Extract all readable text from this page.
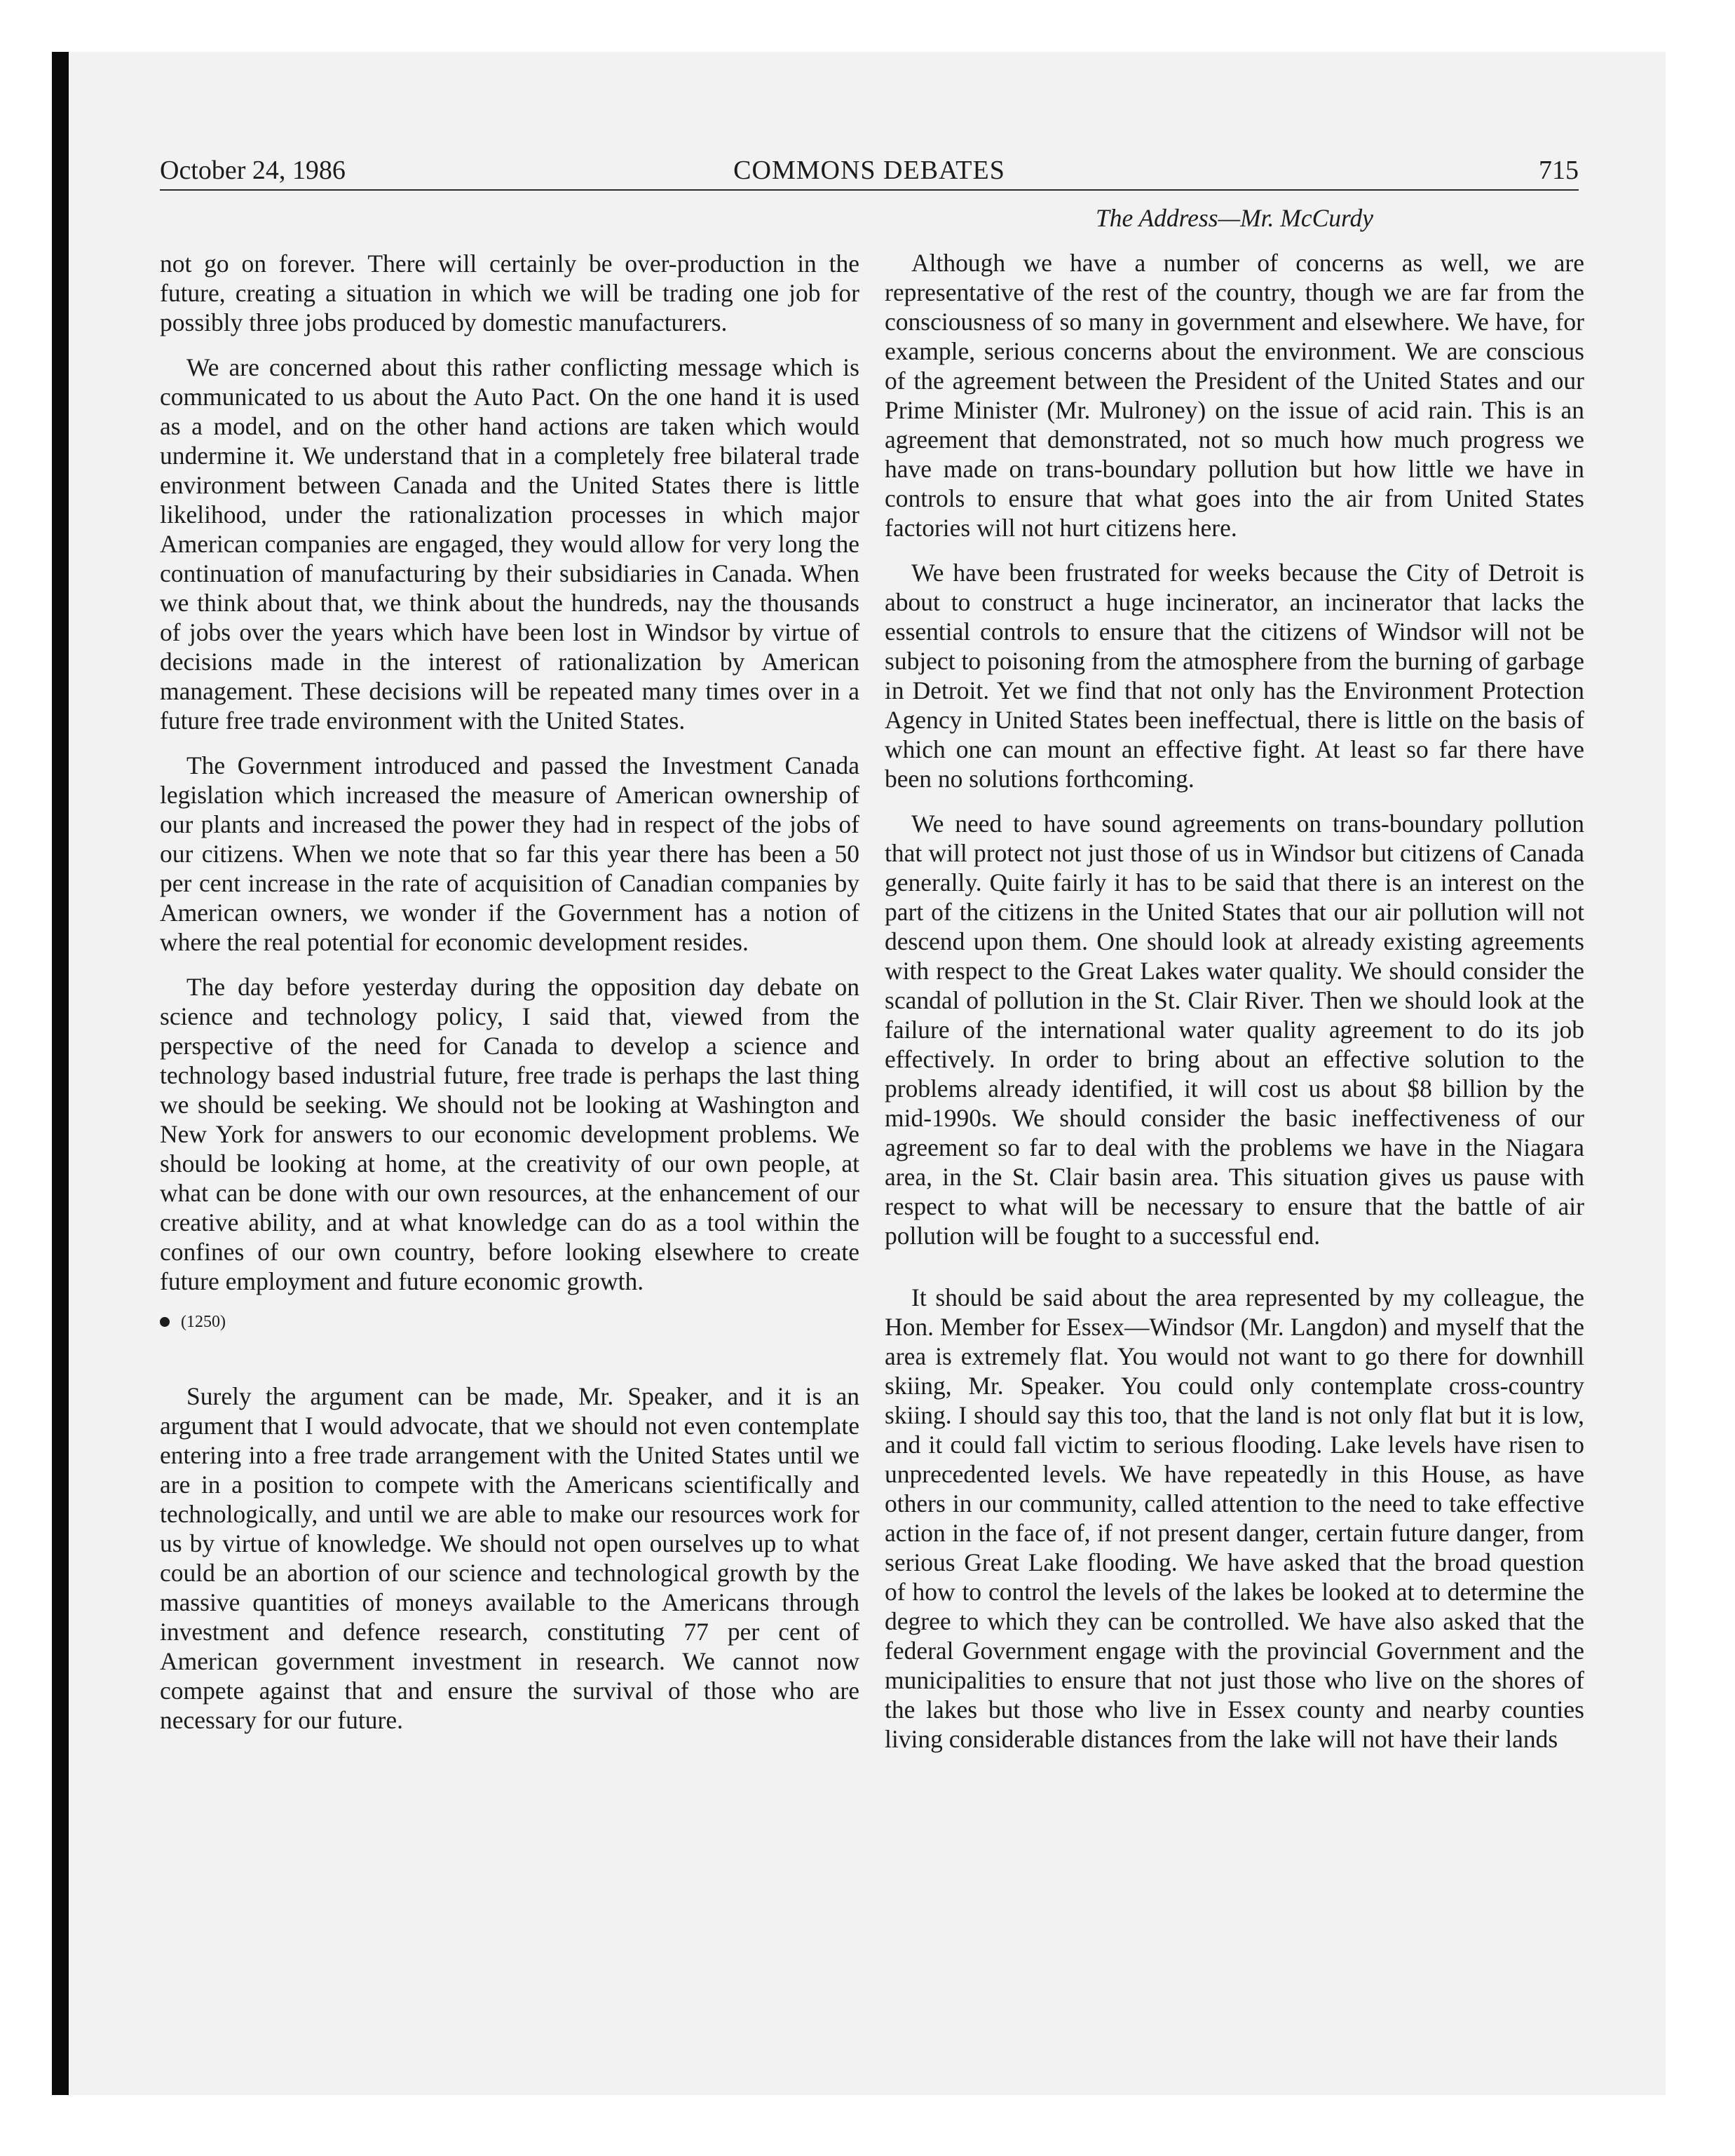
October 24, 1986	COMMONS DEBATES	715

not go on forever. There will certainly be over-production in the future, creating a situation in which we will be trading one job for possibly three jobs produced by domestic manufacturers.

We are concerned about this rather conflicting message which is communicated to us about the Auto Pact. On the one hand it is used as a model, and on the other hand actions are taken which would undermine it. We understand that in a completely free bilateral trade environment between Canada and the United States there is little likelihood, under the rationalization processes in which major American companies are engaged, they would allow for very long the continuation of manufacturing by their subsidiaries in Canada. When we think about that, we think about the hundreds, nay the thousands of jobs over the years which have been lost in Windsor by virtue of decisions made in the interest of rationalization by American management. These decisions will be repeated many times over in a future free trade environment with the United States.

The Government introduced and passed the Investment Canada legislation which increased the measure of American ownership of our plants and increased the power they had in respect of the jobs of our citizens. When we note that so far this year there has been a 50 per cent increase in the rate of acquisition of Canadian companies by American owners, we wonder if the Government has a notion of where the real potential for economic development resides.

The day before yesterday during the opposition day debate on science and technology policy, I said that, viewed from the perspective of the need for Canada to develop a science and technology based industrial future, free trade is perhaps the last thing we should be seeking. We should not be looking at Washington and New York for answers to our economic development problems. We should be looking at home, at the creativity of our own people, at what can be done with our own resources, at the enhancement of our creative ability, and at what knowledge can do as a tool within the confines of our own country, before looking elsewhere to create future employment and future economic growth.

(1250)

Surely the argument can be made, Mr. Speaker, and it is an argument that I would advocate, that we should not even contemplate entering into a free trade arrangement with the United States until we are in a position to compete with the Americans scientifically and technologically, and until we are able to make our resources work for us by virtue of knowledge. We should not open ourselves up to what could be an abortion of our science and technological growth by the massive quantities of moneys available to the Americans through investment and defence research, constituting 77 per cent of American government investment in research. We cannot now compete against that and ensure the survival of those who are necessary for our future.

The Address—Mr. McCurdy

Although we have a number of concerns as well, we are representative of the rest of the country, though we are far from the consciousness of so many in government and elsewhere. We have, for example, serious concerns about the environment. We are conscious of the agreement between the President of the United States and our Prime Minister (Mr. Mulroney) on the issue of acid rain. This is an agreement that demonstrated, not so much how much progress we have made on trans-boundary pollution but how little we have in controls to ensure that what goes into the air from United States factories will not hurt citizens here.

We have been frustrated for weeks because the City of Detroit is about to construct a huge incinerator, an incinerator that lacks the essential controls to ensure that the citizens of Windsor will not be subject to poisoning from the atmosphere from the burning of garbage in Detroit. Yet we find that not only has the Environment Protection Agency in United States been ineffectual, there is little on the basis of which one can mount an effective fight. At least so far there have been no solutions forthcoming.

We need to have sound agreements on trans-boundary pollution that will protect not just those of us in Windsor but citizens of Canada generally. Quite fairly it has to be said that there is an interest on the part of the citizens in the United States that our air pollution will not descend upon them. One should look at already existing agreements with respect to the Great Lakes water quality. We should consider the scandal of pollution in the St. Clair River. Then we should look at the failure of the international water quality agreement to do its job effectively. In order to bring about an effective solution to the problems already identified, it will cost us about $8 billion by the mid-1990s. We should consider the basic ineffectiveness of our agreement so far to deal with the problems we have in the Niagara area, in the St. Clair basin area. This situation gives us pause with respect to what will be necessary to ensure that the battle of air pollution will be fought to a successful end.

It should be said about the area represented by my colleague, the Hon. Member for Essex—Windsor (Mr. Langdon) and myself that the area is extremely flat. You would not want to go there for downhill skiing, Mr. Speaker. You could only contemplate cross-country skiing. I should say this too, that the land is not only flat but it is low, and it could fall victim to serious flooding. Lake levels have risen to unprecedented levels. We have repeatedly in this House, as have others in our community, called attention to the need to take effective action in the face of, if not present danger, certain future danger, from serious Great Lake flooding. We have asked that the broad question of how to control the levels of the lakes be looked at to determine the degree to which they can be controlled. We have also asked that the federal Government engage with the provincial Government and the municipalities to ensure that not just those who live on the shores of the lakes but those who live in Essex county and nearby counties living considerable distances from the lake will not have their lands
